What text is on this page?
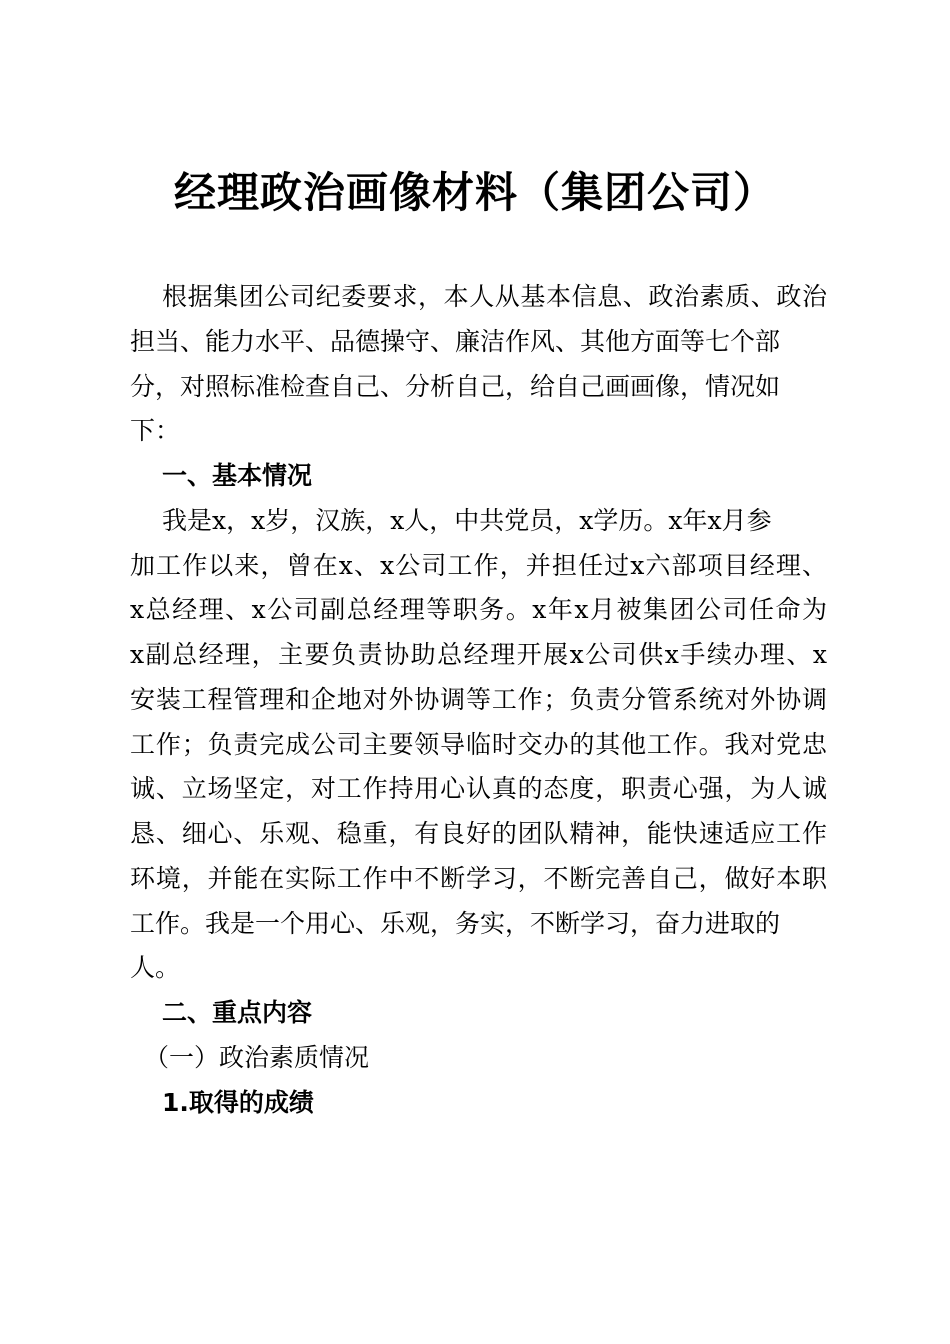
经理政治画像材料（集团公司）
根据集团公司纪委要求，本人从基本信息、政治素质、政治
担当、能力水平、品德操守、廉洁作风、其他方面等七个部
分，对照标准检查自己、分析自己，给自己画画像，情况如
下：
一、基本情况
我是x，x岁，汉族，x人，中共党员，x学历。x年x月参
加工作以来，曾在x、x公司工作，并担任过x六部项目经理、
x总经理、x公司副总经理等职务。x年x月被集团公司任命为
x副总经理，主要负责协助总经理开展x公司供x手续办理、x
安装工程管理和企地对外协调等工作；负责分管系统对外协调
工作；负责完成公司主要领导临时交办的其他工作。我对党忠
诚、立场坚定，对工作持用心认真的态度，职责心强，为人诚
恳、细心、乐观、稳重，有良好的团队精神，能快速适应工作
环境，并能在实际工作中不断学习，不断完善自己，做好本职
工作。我是一个用心、乐观，务实，不断学习，奋力进取的
人。
二、重点内容
（一）政治素质情况
1.取得的成绩
